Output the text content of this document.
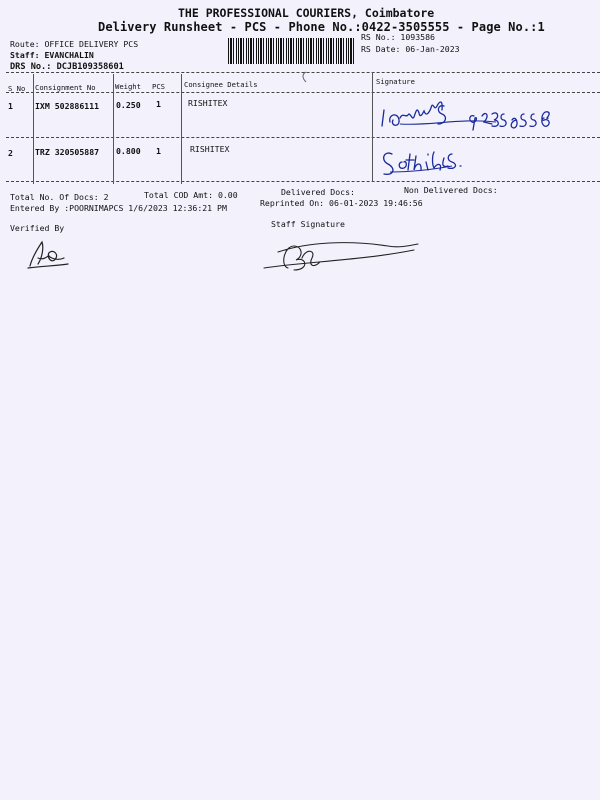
THE PROFESSIONAL COURIERS, Coimbatore
Delivery Runsheet - PCS - Phone No.:0422-3505555 - Page No.:1
Route: OFFICE DELIVERY PCS
Staff: EVANCHALIN
DRS No.: DCJB109358601
RS No.: 1093586
RS Date: 06-Jan-2023
S No Consignment No	Weight PCS	Consignee Details	Signature
1	IXM 502886111 0.250 1	RISHITEX
2	TRZ 320505887 0.800 1	RISHITEX
Total No. Of Docs: 2	Total COD Amt: 0.00	Delivered Docs:	Non Delivered Docs:
Entered By :POORNIMAPCS 1/6/2023 12:36:21 PM	Reprinted On: 06-01-2023 19:46:56
Verified By	Staff Signature
